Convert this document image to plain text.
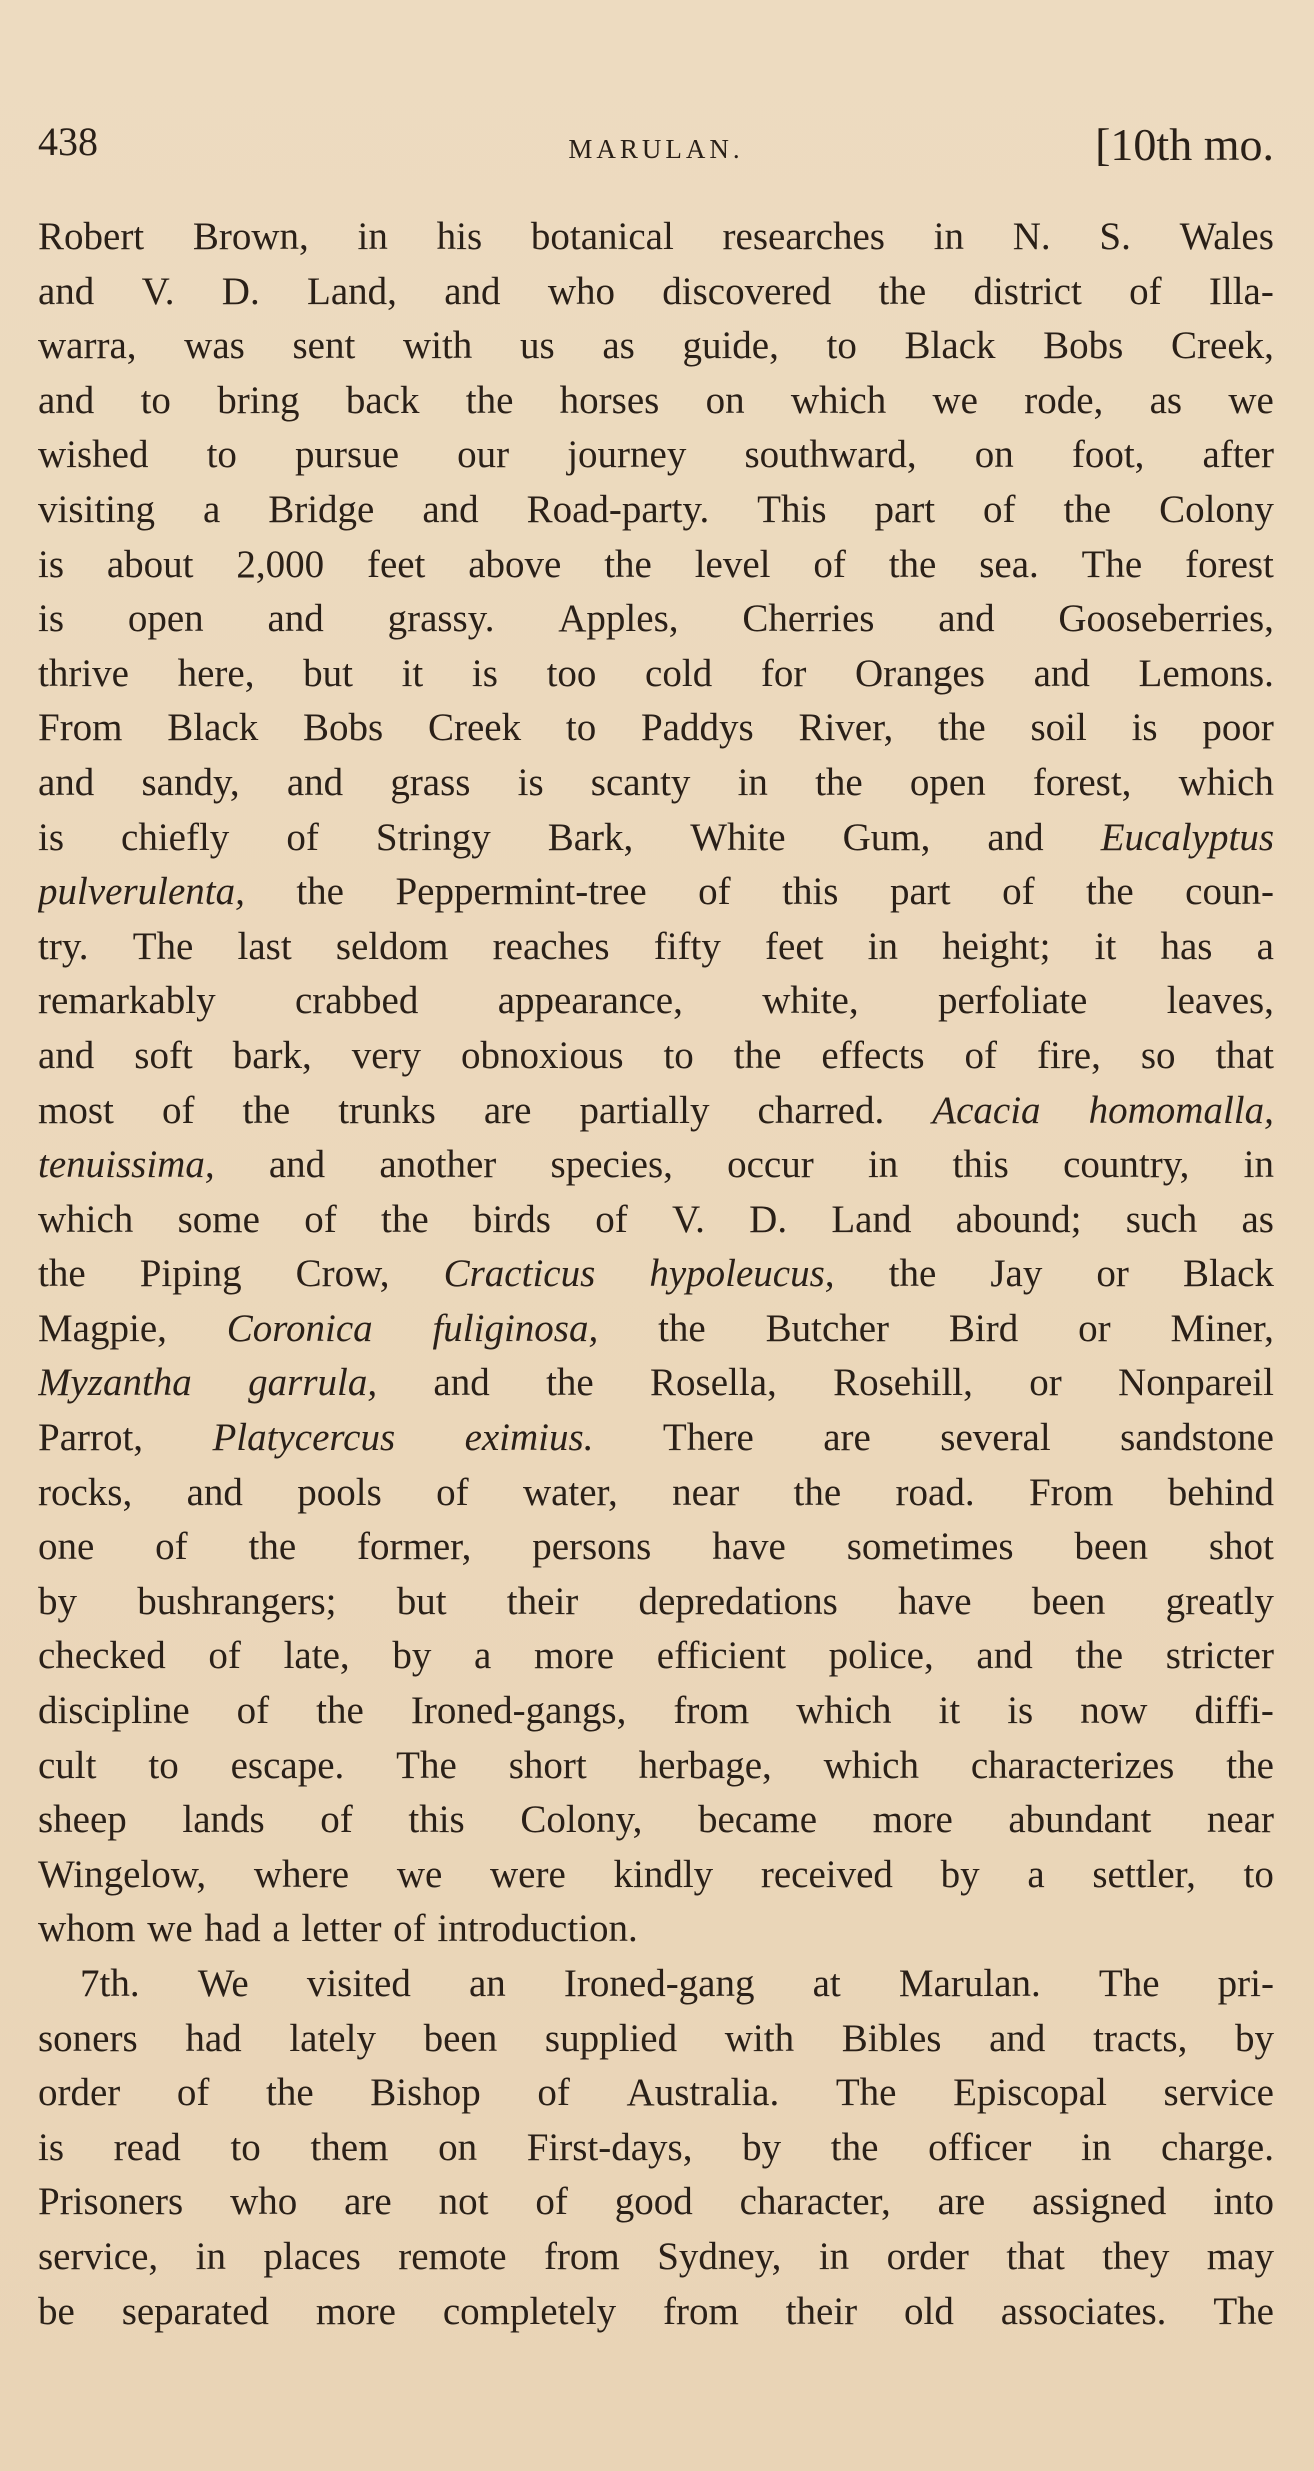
438	MARULAN.	[10th mo.
Robert Brown, in his botanical researches in N. S. Wales
and V. D. Land, and who discovered the district of Illa-
warra, was sent with us as guide, to Black Bobs Creek,
and to bring back the horses on which we rode, as we
wished to pursue our journey southward, on foot, after
visiting a Bridge and Road-party. This part of the Colony
is about 2,000 feet above the level of the sea. The forest
is open and grassy. Apples, Cherries and Gooseberries,
thrive here, but it is too cold for Oranges and Lemons.
From Black Bobs Creek to Paddys River, the soil is poor
and sandy, and grass is scanty in the open forest, which
is chiefly of Stringy Bark, White Gum, and Eucalyptus
pulverulenta, the Peppermint-tree of this part of the coun-
try. The last seldom reaches fifty feet in height; it has a
remarkably crabbed appearance, white, perfoliate leaves,
and soft bark, very obnoxious to the effects of fire, so that
most of the trunks are partially charred. Acacia homomalla,
tenuissima, and another species, occur in this country, in
which some of the birds of V. D. Land abound; such as
the Piping Crow, Cracticus hypoleucus, the Jay or Black
Magpie, Coronica fuliginosa, the Butcher Bird or Miner,
Myzantha garrula, and the Rosella, Rosehill, or Nonpareil
Parrot, Platycercus eximius. There are several sandstone
rocks, and pools of water, near the road. From behind
one of the former, persons have sometimes been shot
by bushrangers; but their depredations have been greatly
checked of late, by a more efficient police, and the stricter
discipline of the Ironed-gangs, from which it is now diffi-
cult to escape. The short herbage, which characterizes the
sheep lands of this Colony, became more abundant near
Wingelow, where we were kindly received by a settler, to
whom we had a letter of introduction.
7th. We visited an Ironed-gang at Marulan. The pri-
soners had lately been supplied with Bibles and tracts, by
order of the Bishop of Australia. The Episcopal service
is read to them on First-days, by the officer in charge.
Prisoners who are not of good character, are assigned into
service, in places remote from Sydney, in order that they may
be separated more completely from their old associates. The
